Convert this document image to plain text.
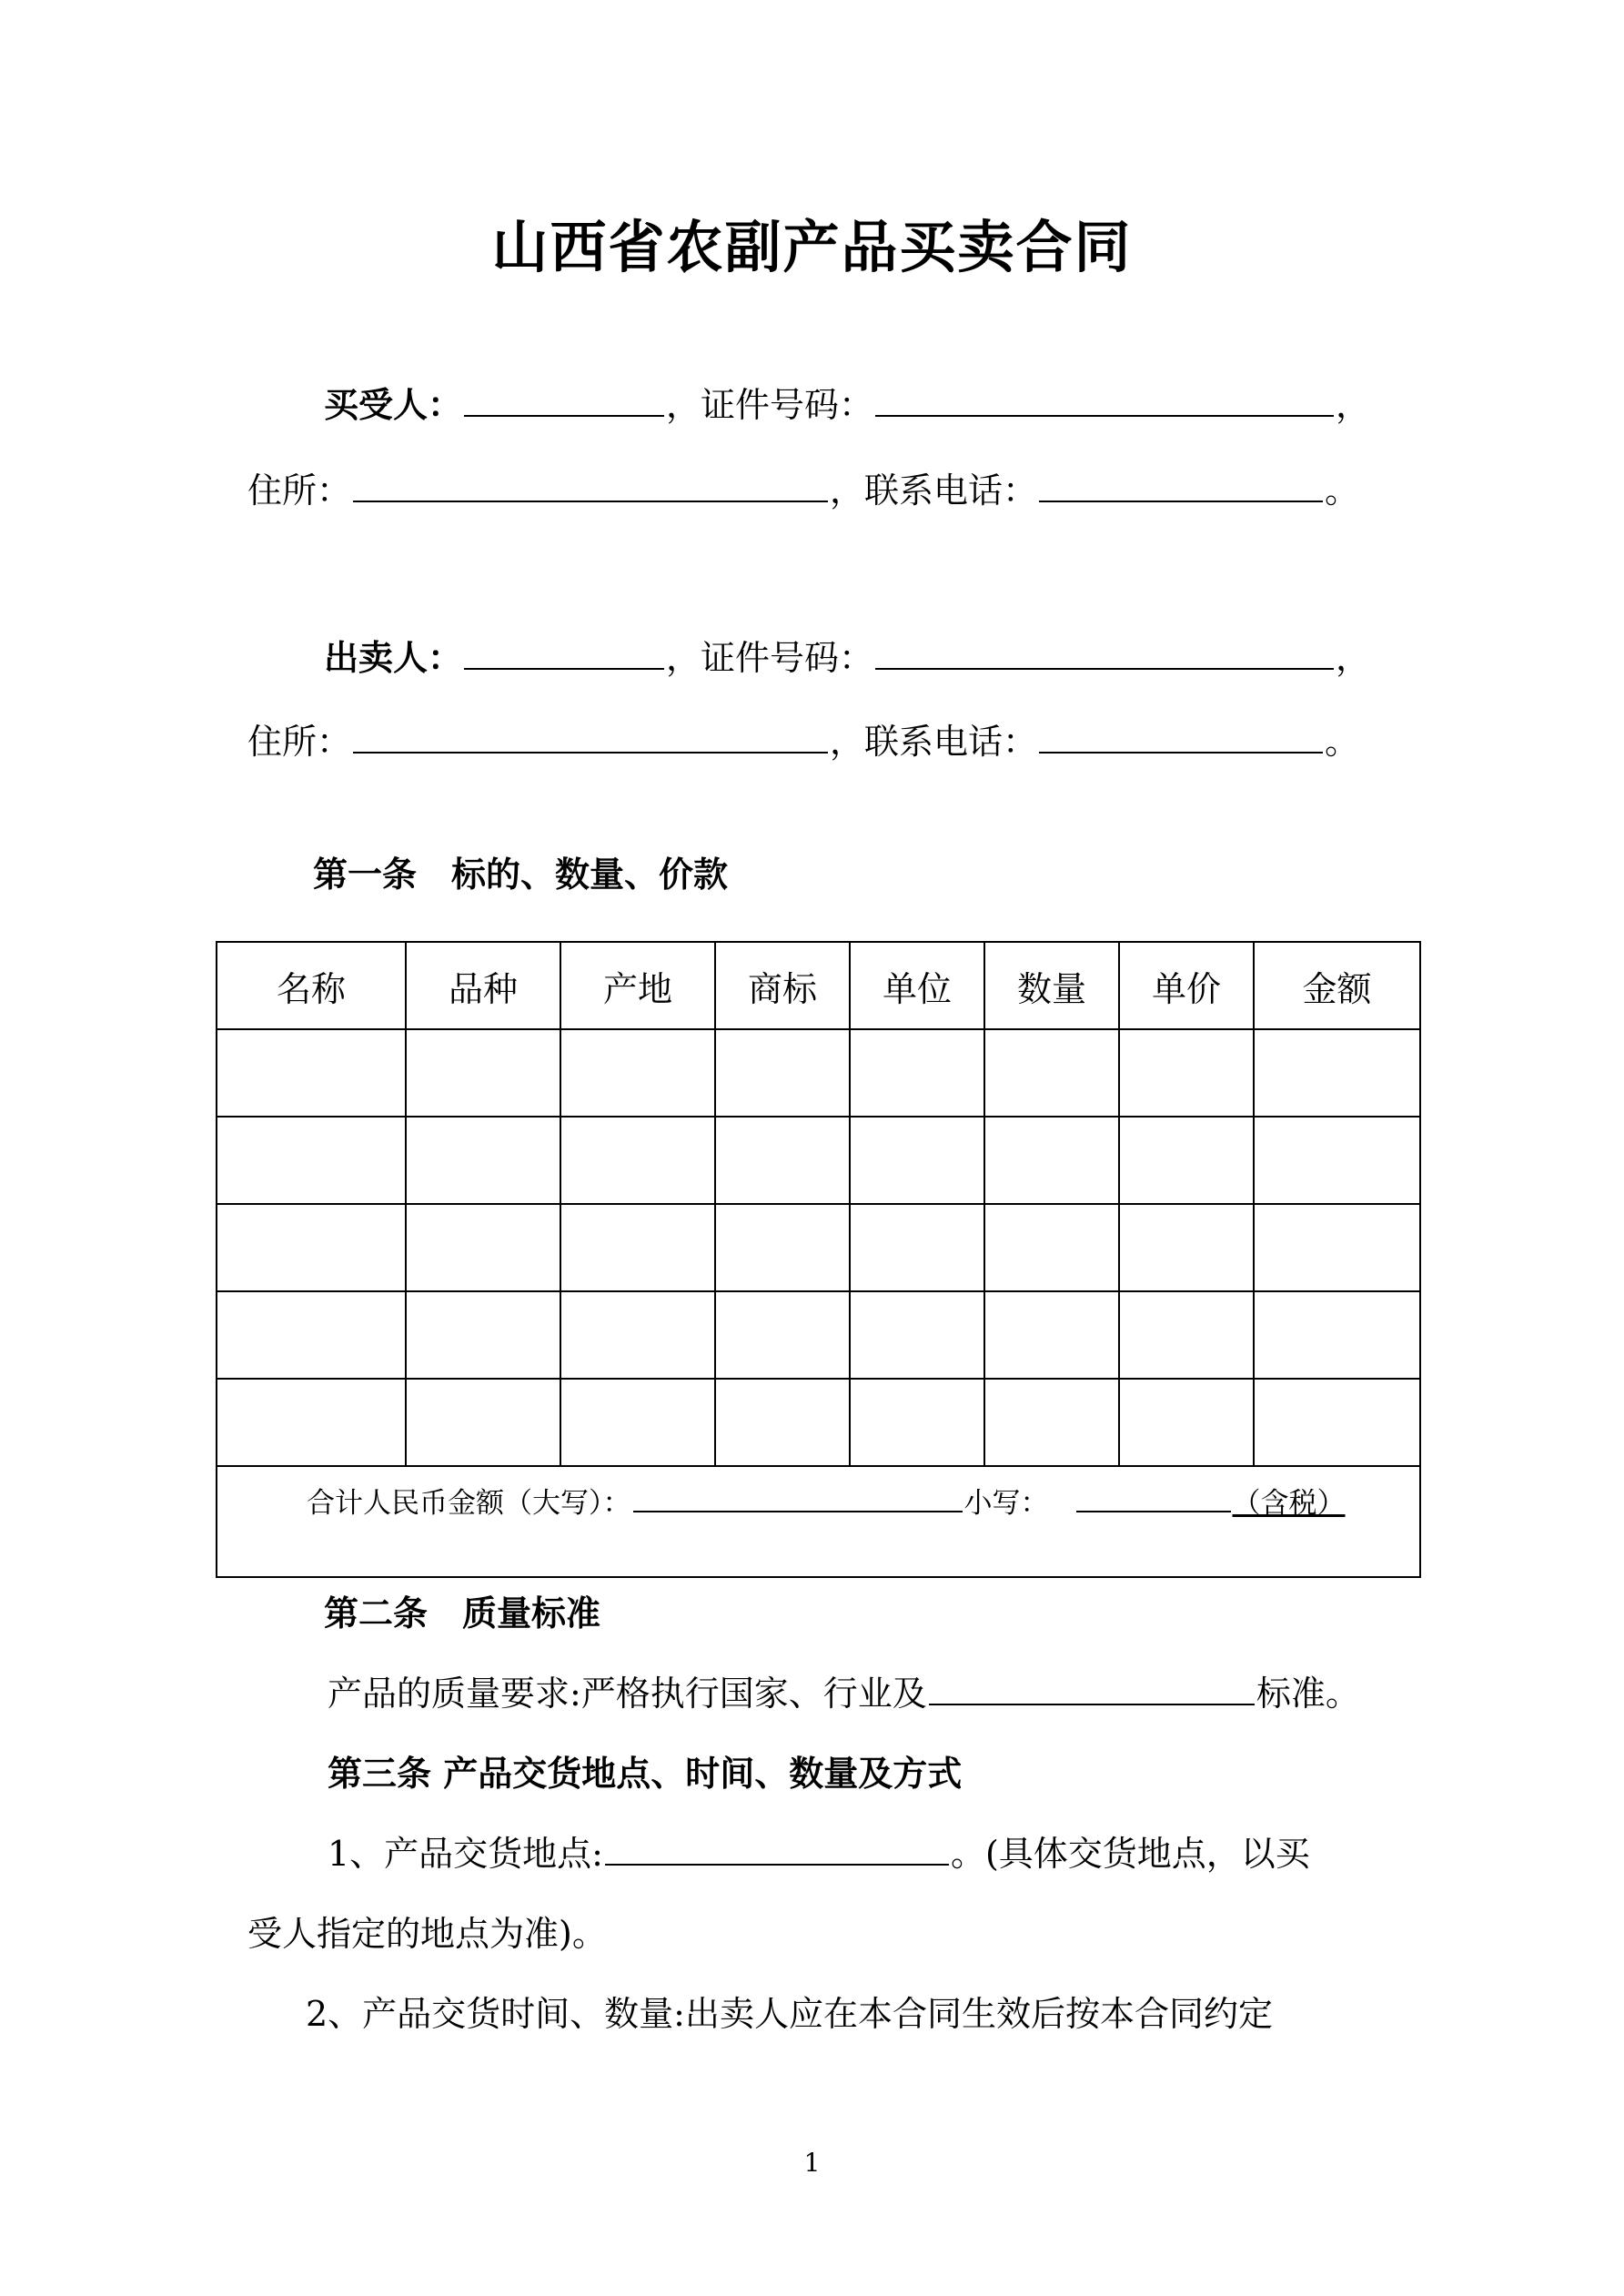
山西省农副产品买卖合同
买受人：	，证件号码：	，
住所：	，联系电话：	。
出卖人：	，证件号码：	，
住所：	，联系电话：	。
第一条　标的、数量、价款
名称	品种	产地	商标	单位	数量	单价	金额

合计人民币金额（大写）： 小写： （含税）							
第二条　质量标准
产品的质量要求:严格执行国家、行业及	标准。
第三条 产品交货地点、时间、数量及方式
1、产品交货地点:	。(具体交货地点，以买
受人指定的地点为准)。
2、产品交货时间、数量:出卖人应在本合同生效后按本合同约定
1
